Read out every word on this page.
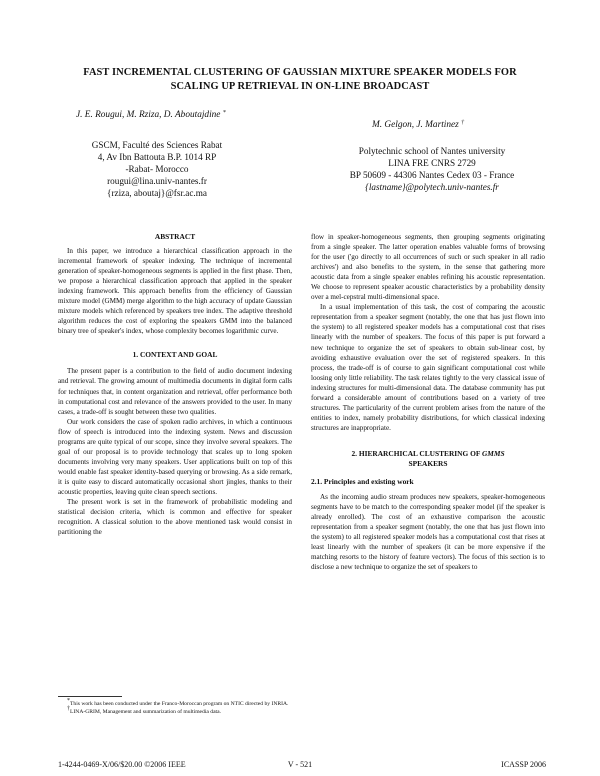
FAST INCREMENTAL CLUSTERING OF GAUSSIAN MIXTURE SPEAKER MODELS FOR
SCALING UP RETRIEVAL IN ON-LINE BROADCAST
J. E. Rougui, M. Rziza, D. Aboutajdine *
GSCM, Faculté des Sciences Rabat
4, Av Ibn Battouta B.P. 1014 RP
-Rabat- Morocco
rougui@lina.univ-nantes.fr
{rziza, aboutaj}@fsr.ac.ma
M. Gelgon, J. Martinez †
Polytechnic school of Nantes university
LINA FRE CNRS 2729
BP 50609 - 44306 Nantes Cedex 03 - France
{lastname}@polytech.univ-nantes.fr
ABSTRACT

In this paper, we introduce a hierarchical classification approach in the incremental framework of speaker indexing. The technique of incremental generation of speaker-homogeneous segments is applied in the first phase. Then, we propose a hierarchical classification approach that applied in the speaker indexing framework. This approach benefits from the efficiency of Gaussian mixture model (GMM) merge algorithm to the high accuracy of update Gaussian mixture models which referenced by speakers tree index. The adaptive threshold algorithm reduces the cost of exploring the speakers GMM into the balanced binary tree of speaker's index, whose complexity becomes logarithmic curve.

1. CONTEXT AND GOAL

The present paper is a contribution to the field of audio document indexing and retrieval. The growing amount of multimedia documents in digital form calls for techniques that, in content organization and retrieval, offer performance both in computational cost and relevance of the answers provided to the user. In many cases, a trade-off is sought between these two qualities.

Our work considers the case of spoken radio archives, in which a continuous flow of speech is introduced into the indexing system. News and discussion programs are quite typical of our scope, since they involve several speakers. The goal of our proposal is to provide technology that scales up to long spoken documents involving very many speakers. User applications built on top of this would enable fast speaker identity-based querying or browsing. As a side remark, it is quite easy to discard automatically occasional short jingles, thanks to their acoustic properties, leaving quite clean speech sections.

The present work is set in the framework of probabilistic modeling and statistical decision criteria, which is common and effective for speaker recognition. A classical solution to the above mentioned task would consist in partitioning the

*This work has been conducted under the Franco-Moroccan program on NTIC directed by INRIA.
†LINA-GRIM, Management and summarization of multimedia data.

flow in speaker-homogeneous segments, then grouping segments originating from a single speaker. The latter operation enables valuable forms of browsing for the user ('go directly to all occurrences of such or such speaker in all radio archives') and also benefits to the system, in the sense that gathering more acoustic data from a single speaker enables refining his acoustic representation. We choose to represent speaker acoustic characteristics by a probability density over a mel-cepstral multi-dimensional space.

In a usual implementation of this task, the cost of comparing the acoustic representation from a speaker segment (notably, the one that has just flown into the system) to all registered speaker models has a computational cost that rises linearly with the number of speakers. The focus of this paper is put forward a new technique to organize the set of speakers to obtain sub-linear cost, by avoiding exhaustive evaluation over the set of registered speakers. In this process, the trade-off is of course to gain significant computational cost while loosing only little reliability. The task relates tightly to the very classical issue of indexing structures for multi-dimensional data. The database community has put forward a considerable amount of contributions based on a variety of tree structures. The particularity of the current problem arises from the nature of the entities to index, namely probability distributions, for which classical indexing structures are inappropriate.

2. HIERARCHICAL CLUSTERING OF GMMS
SPEAKERS
2.1. Principles and existing work

As the incoming audio stream produces new speakers, speaker-homogeneous segments have to be match to the corresponding speaker model (if the speaker is already enrolled). The cost of an exhaustive comparison the acoustic representation from a speaker segment (notably, the one that has just flown into the system) to all registered speaker models has a computational cost that rises at least linearly with the number of speakers (it can be more expensive if the matching resorts to the history of feature vectors). The focus of this section is to disclose a new technique to organize the set of speakers to

1-4244-0469-X/06/$20.00 ©2006 IEEE	V - 521	ICASSP 2006
